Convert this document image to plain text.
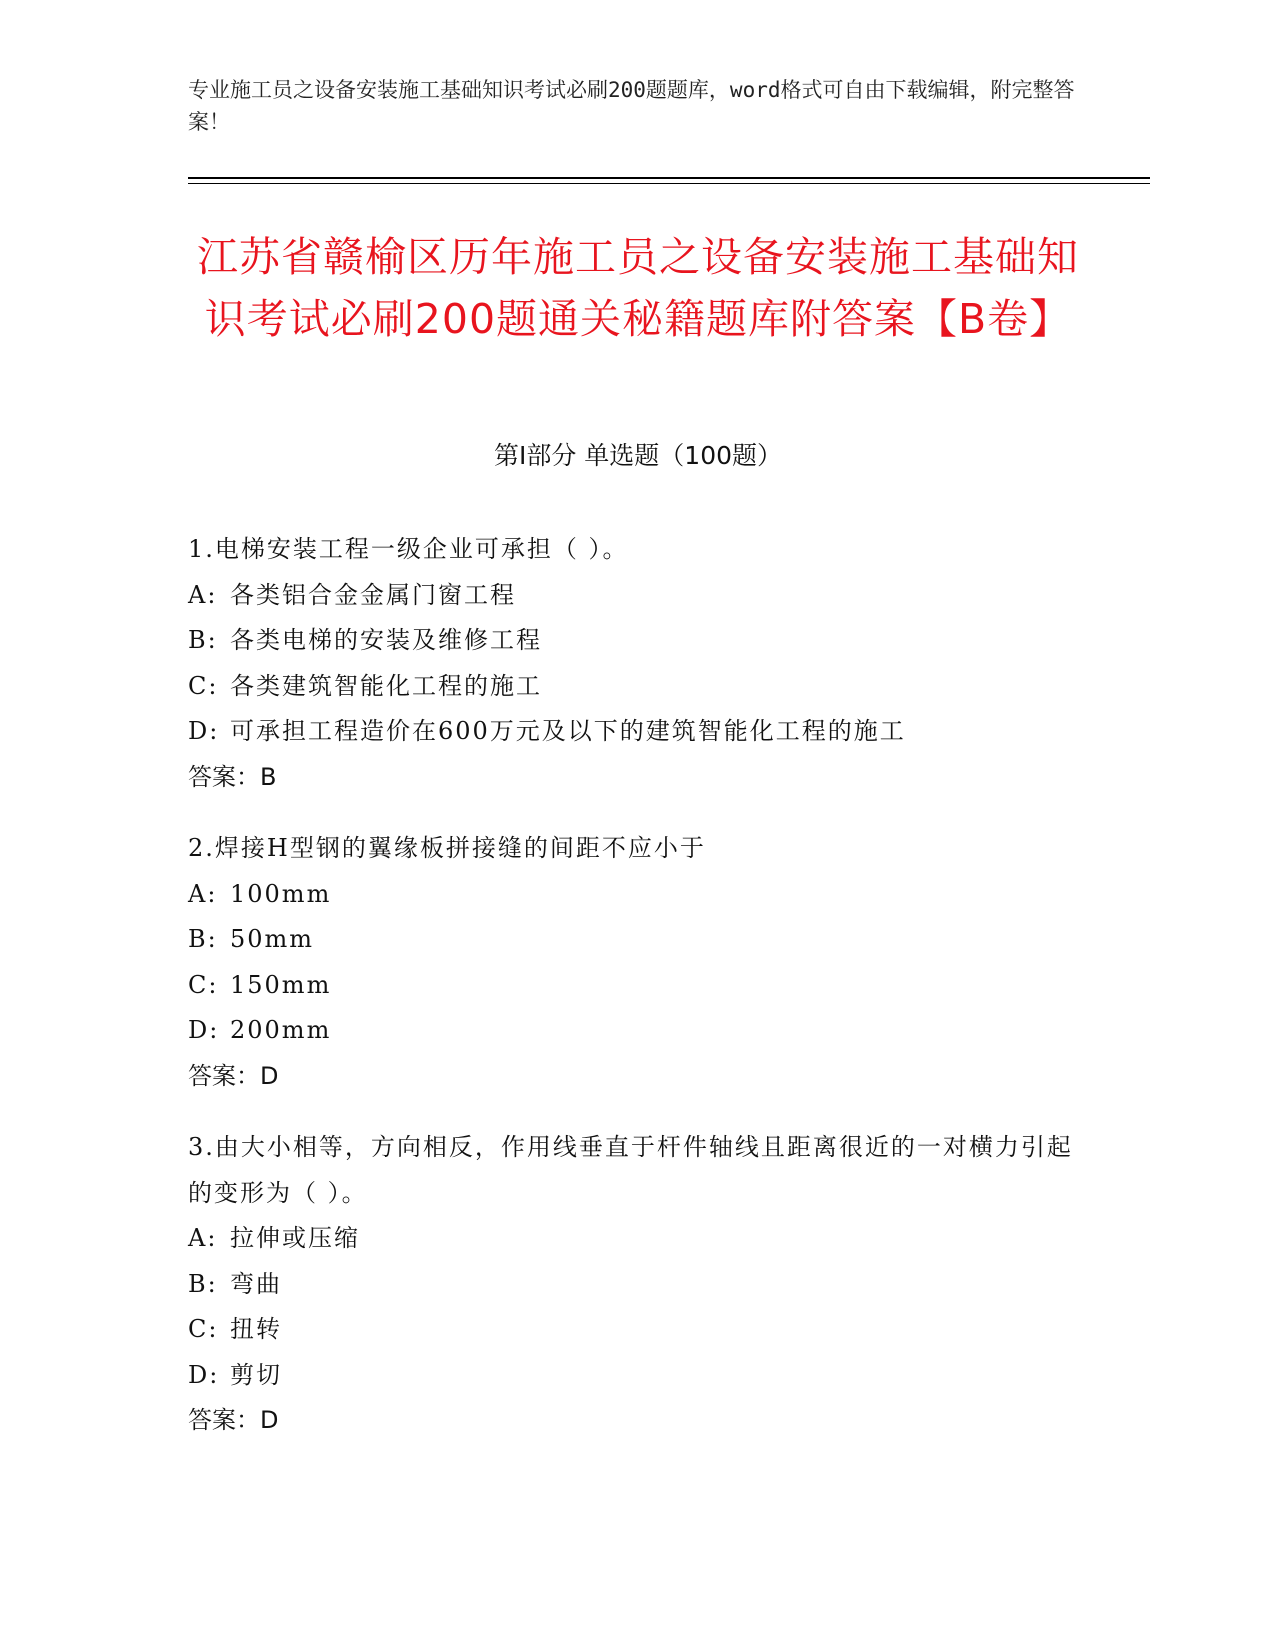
专业施工员之设备安装施工基础知识考试必刷200题题库，word格式可自由下载编辑，附完整答案！
江苏省赣榆区历年施工员之设备安装施工基础知识考试必刷200题通关秘籍题库附答案【B卷】
第I部分 单选题（100题）
1.电梯安装工程一级企业可承担（ ）。
A: 各类铝合金金属门窗工程
B: 各类电梯的安装及维修工程
C: 各类建筑智能化工程的施工
D: 可承担工程造价在600万元及以下的建筑智能化工程的施工
答案：B
2.焊接H型钢的翼缘板拼接缝的间距不应小于
A: 100mm
B: 50mm
C: 150mm
D: 200mm
答案：D
3.由大小相等，方向相反，作用线垂直于杆件轴线且距离很近的一对横力引起的变形为（ ）。
A: 拉伸或压缩
B: 弯曲
C: 扭转
D: 剪切
答案：D
